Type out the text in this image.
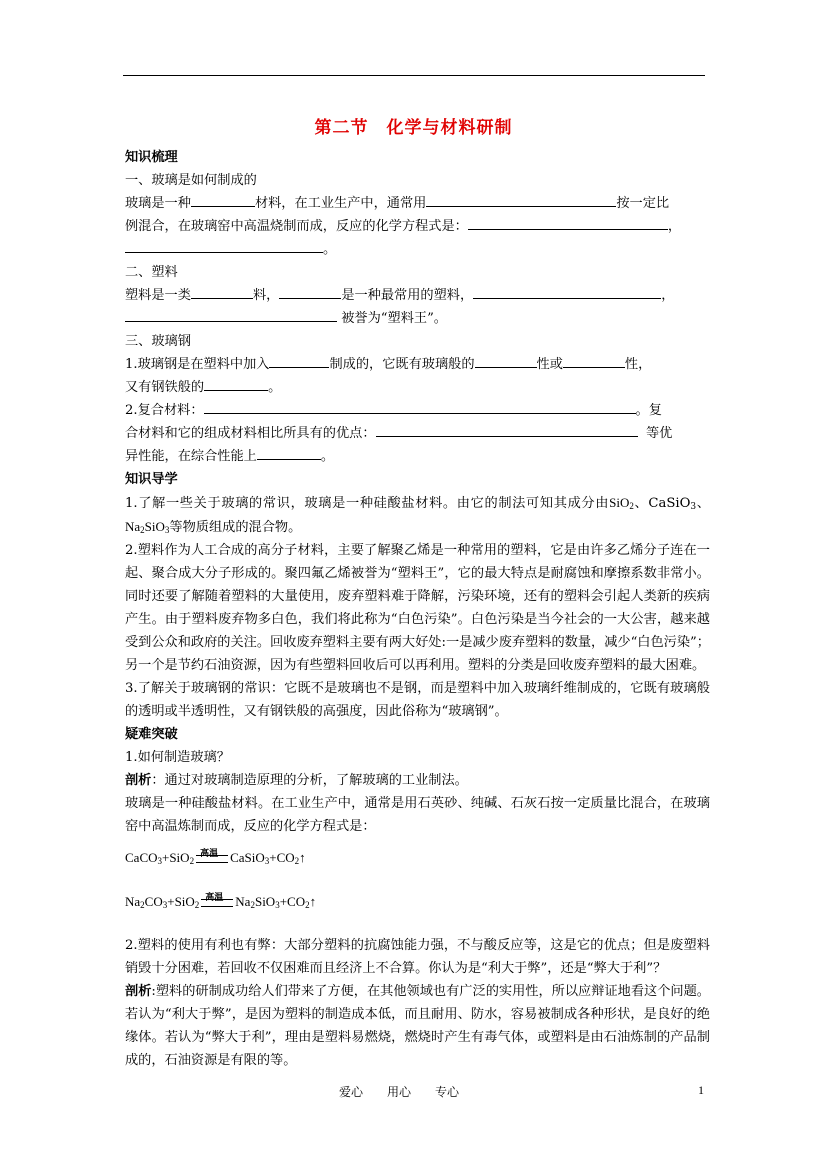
第二节　化学与材料研制
知识梳理
一、玻璃是如何制成的
玻璃是一种	材料，在工业生产中，通常用	按一定比
例混合，在玻璃窑中高温烧制而成，反应的化学方程式是：	，
。
二、塑料
塑料是一类	料，	是一种最常用的塑料，	，
被誉为“塑料王”。
三、玻璃钢
1.玻璃钢是在塑料中加入	制成的，它既有玻璃般的	性或	性，
又有钢铁般的	。
2.复合材料：	。复
合材料和它的组成材料相比所具有的优点：	等优
异性能，在综合性能上	。
知识导学
1.了解一些关于玻璃的常识，玻璃是一种硅酸盐材料。由它的制法可知其成分由SiO$_2$、CaSiO$_3$、$Na_2SiO_3$等物质组成的混合物。
2.塑料作为人工合成的高分子材料，主要了解聚乙烯是一种常用的塑料，它是由许多乙烯分子连在一起、聚合成大分子形成的。聚四氟乙烯被誉为“塑料王”，它的最大特点是耐腐蚀和摩擦系数非常小。同时还要了解随着塑料的大量使用，废弃塑料难于降解，污染环境，还有的塑料会引起人类新的疾病产生。由于塑料废弃物多白色，我们将此称为“白色污染”。白色污染是当今社会的一大公害，越来越受到公众和政府的关注。回收废弃塑料主要有两大好处:一是减少废弃塑料的数量，减少“白色污染”；另一个是节约石油资源，因为有些塑料回收后可以再利用。塑料的分类是回收废弃塑料的最大困难。
3.了解关于玻璃钢的常识：它既不是玻璃也不是钢，而是塑料中加入玻璃纤维制成的，它既有玻璃般的透明或半透明性，又有钢铁般的高强度，因此俗称为“玻璃钢”。
疑难突破
1.如何制造玻璃？
剖析：通过对玻璃制造原理的分析，了解玻璃的工业制法。
玻璃是一种硅酸盐材料。在工业生产中，通常是用石英砂、纯碱、石灰石按一定质量比混合，在玻璃窑中高温炼制而成，反应的化学方程式是：
CaCO$_3$+SiO$_2$
高温 $CaSiO_3+CO_2↑$
$Na_2CO_3+SiO_2$
高温 $Na_2SiO_3+CO_2↑$
2.塑料的使用有利也有弊：大部分塑料的抗腐蚀能力强，不与酸反应等，这是它的优点；但是废塑料销毁十分困难，若回收不仅困难而且经济上不合算。你认为是“利大于弊”，还是“弊大于利”？
剖析:塑料的研制成功给人们带来了方便，在其他领域也有广泛的实用性，所以应辩证地看这个问题。若认为“利大于弊”，是因为塑料的制造成本低，而且耐用、防水，容易被制成各种形状，是良好的绝缘体。若认为“弊大于利”，理由是塑料易燃烧，燃烧时产生有毒气体，或塑料是由石油炼制的产品制成的，石油资源是有限的等。
爱心　　用心　　专心	1
